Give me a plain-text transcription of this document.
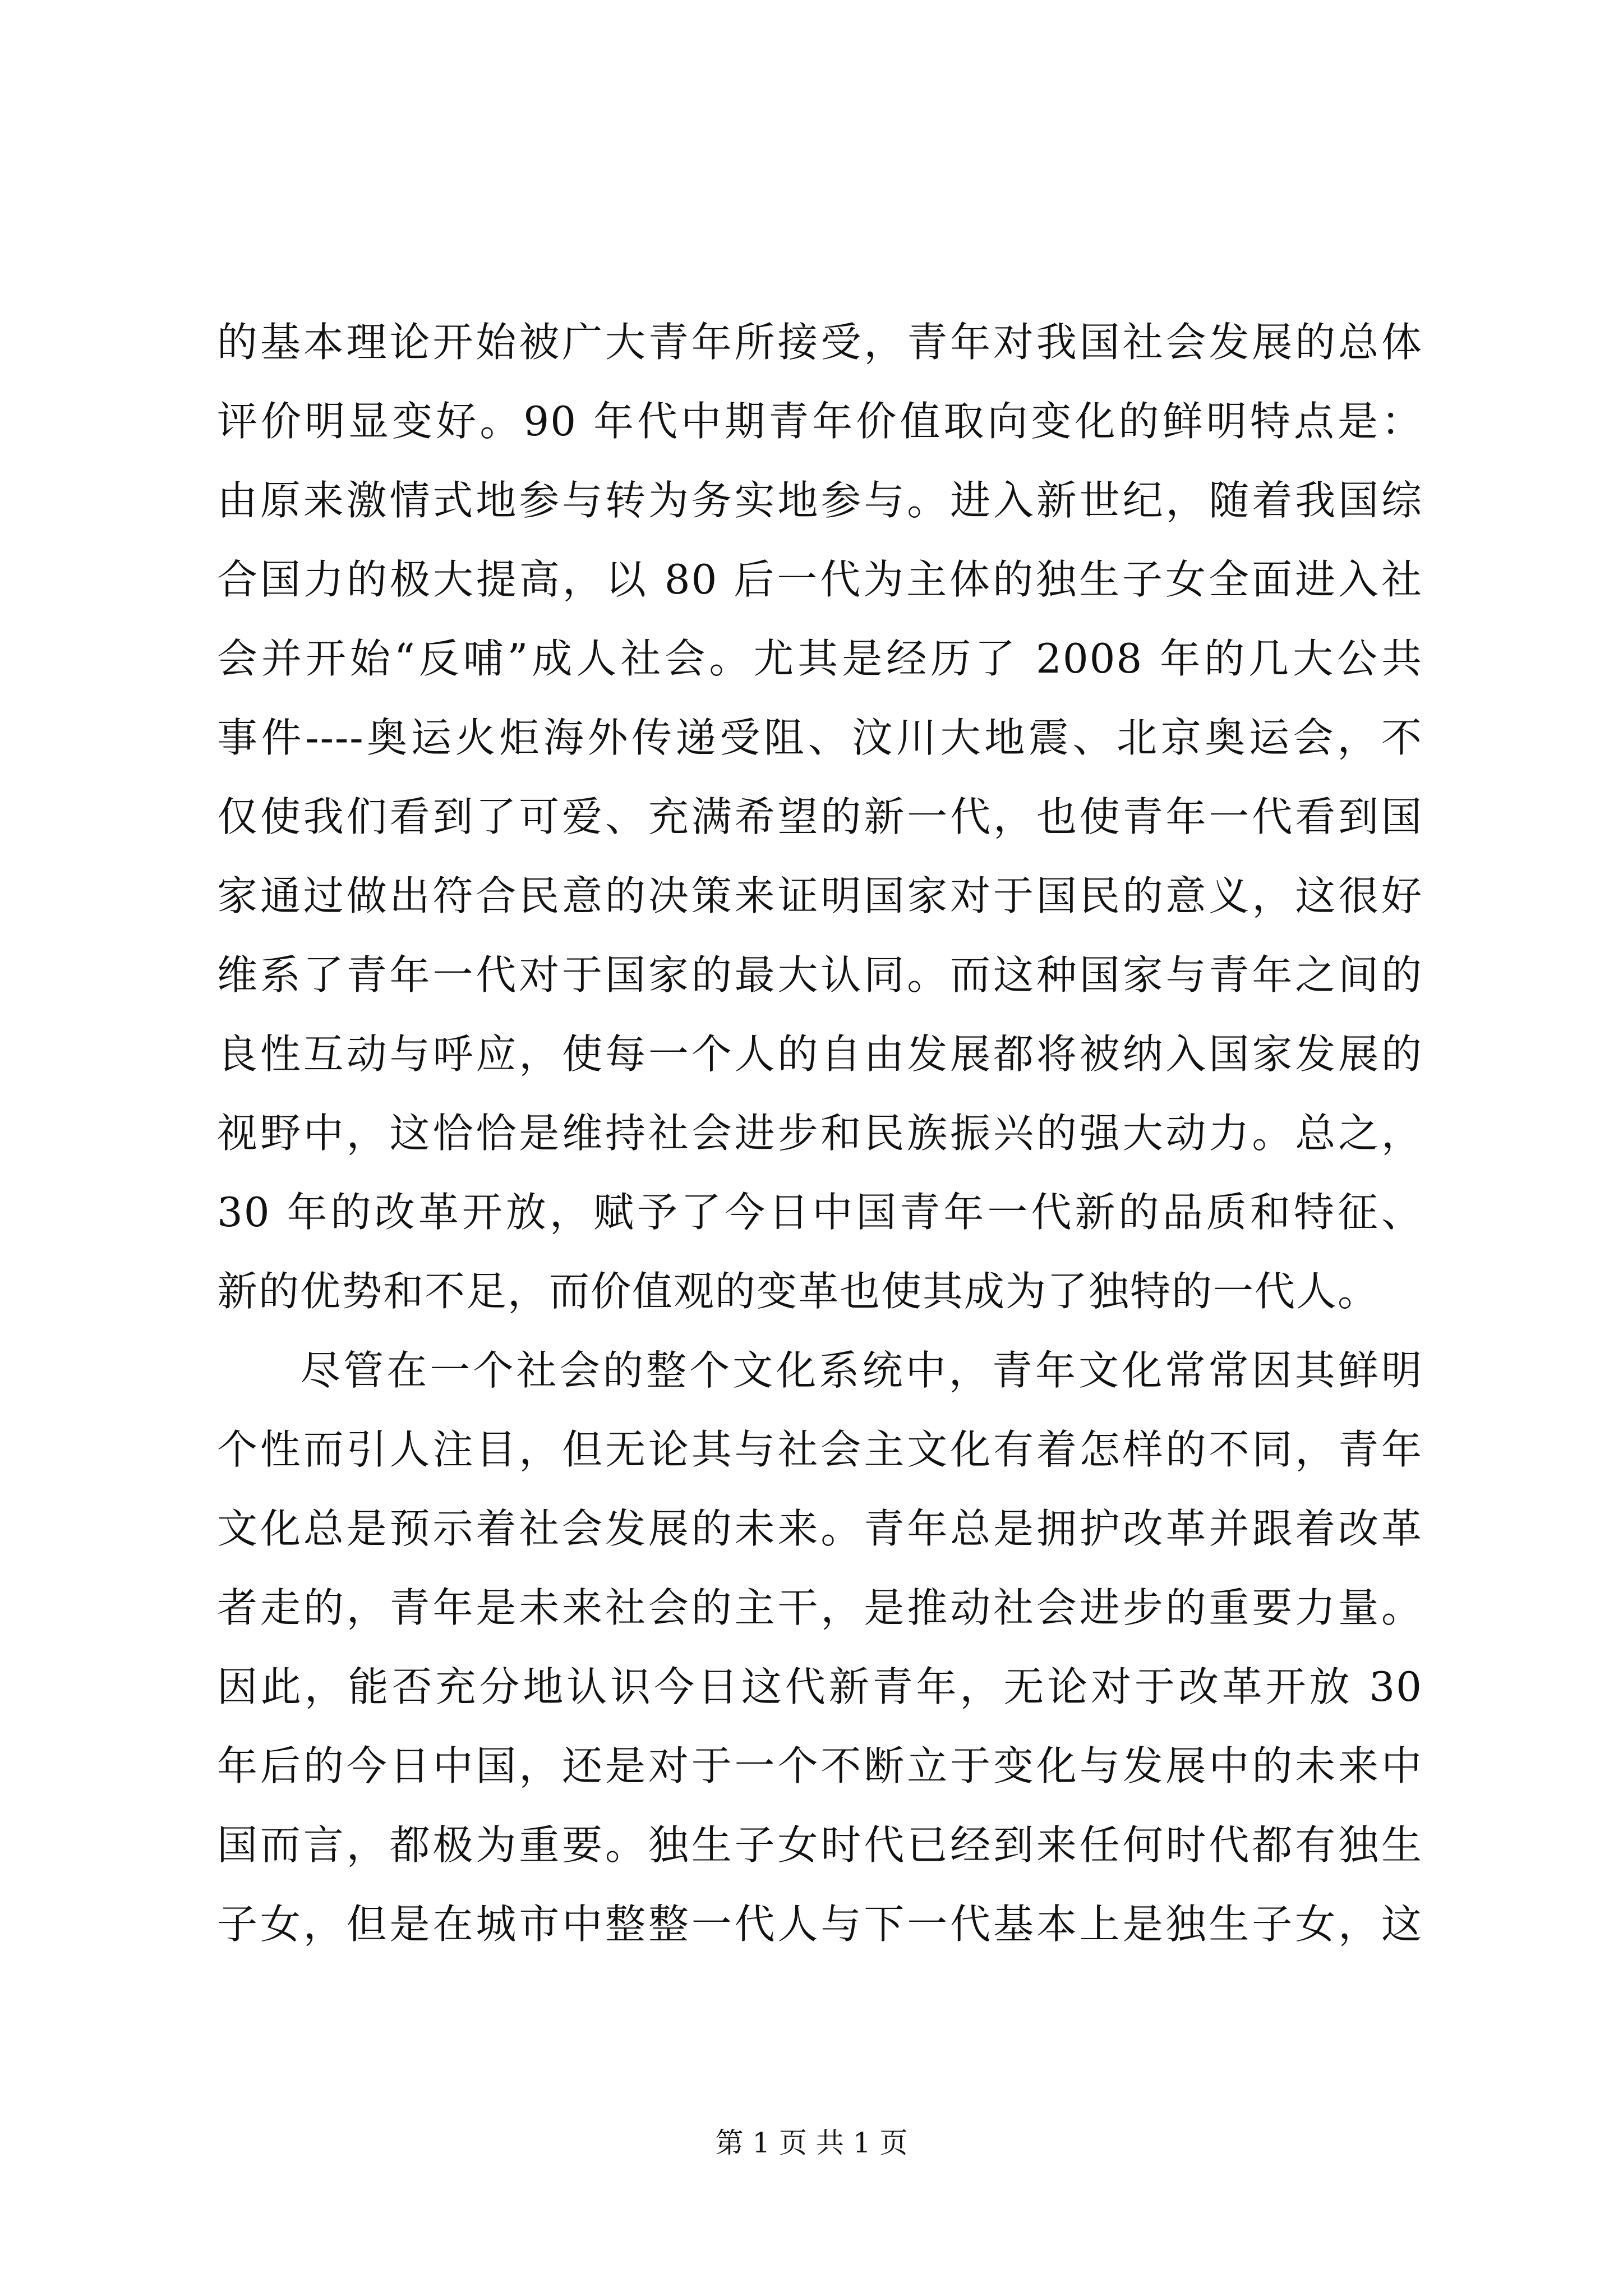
的基本理论开始被广大青年所接受，青年对我国社会发展的总体
评价明显变好。90 年代中期青年价值取向变化的鲜明特点是：
由原来激情式地参与转为务实地参与。进入新世纪，随着我国综
合国力的极大提高，以 80 后一代为主体的独生子女全面进入社
会并开始“反哺”成人社会。尤其是经历了 2008 年的几大公共
事件----奥运火炬海外传递受阻、汶川大地震、北京奥运会，不
仅使我们看到了可爱、充满希望的新一代，也使青年一代看到国
家通过做出符合民意的决策来证明国家对于国民的意义，这很好
维系了青年一代对于国家的最大认同。而这种国家与青年之间的
良性互动与呼应，使每一个人的自由发展都将被纳入国家发展的
视野中，这恰恰是维持社会进步和民族振兴的强大动力。总之，
30 年的改革开放，赋予了今日中国青年一代新的品质和特征、
新的优势和不足，而价值观的变革也使其成为了独特的一代人。
尽管在一个社会的整个文化系统中，青年文化常常因其鲜明
个性而引人注目，但无论其与社会主文化有着怎样的不同，青年
文化总是预示着社会发展的未来。青年总是拥护改革并跟着改革
者走的，青年是未来社会的主干，是推动社会进步的重要力量。
因此，能否充分地认识今日这代新青年，无论对于改革开放 30
年后的今日中国，还是对于一个不断立于变化与发展中的未来中
国而言，都极为重要。独生子女时代已经到来任何时代都有独生
子女，但是在城市中整整一代人与下一代基本上是独生子女，这
第 1 页 共 1 页
